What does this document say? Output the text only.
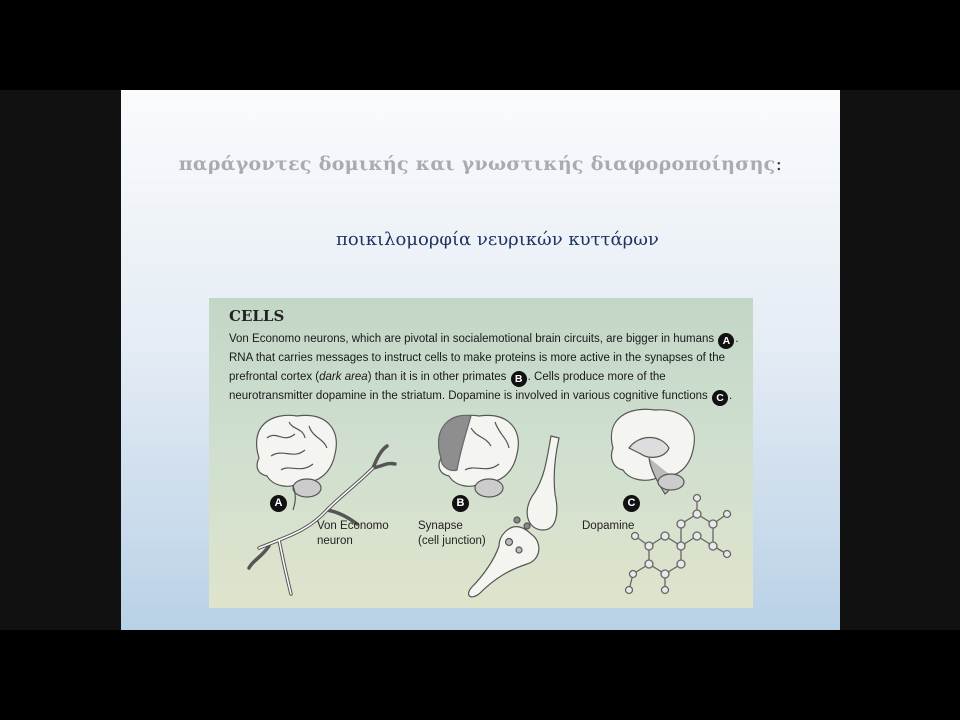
παράγοντες δομικής και γνωστικής διαφοροποίησης:
ποικιλομορφία νευρικών κυττάρων
CELLS
Von Economo neurons, which are pivotal in socialemotional brain circuits, are bigger in humans A . RNA that carries messages to instruct cells to make proteins is more active in the synapses of the prefrontal cortex (dark area) than it is in other primates B . Cells produce more of the neurotransmitter dopamine in the striatum. Dopamine is involved in various cognitive functions C .
A
Von Economo
neuron
B
Synapse
(cell junction)
C
Dopamine
